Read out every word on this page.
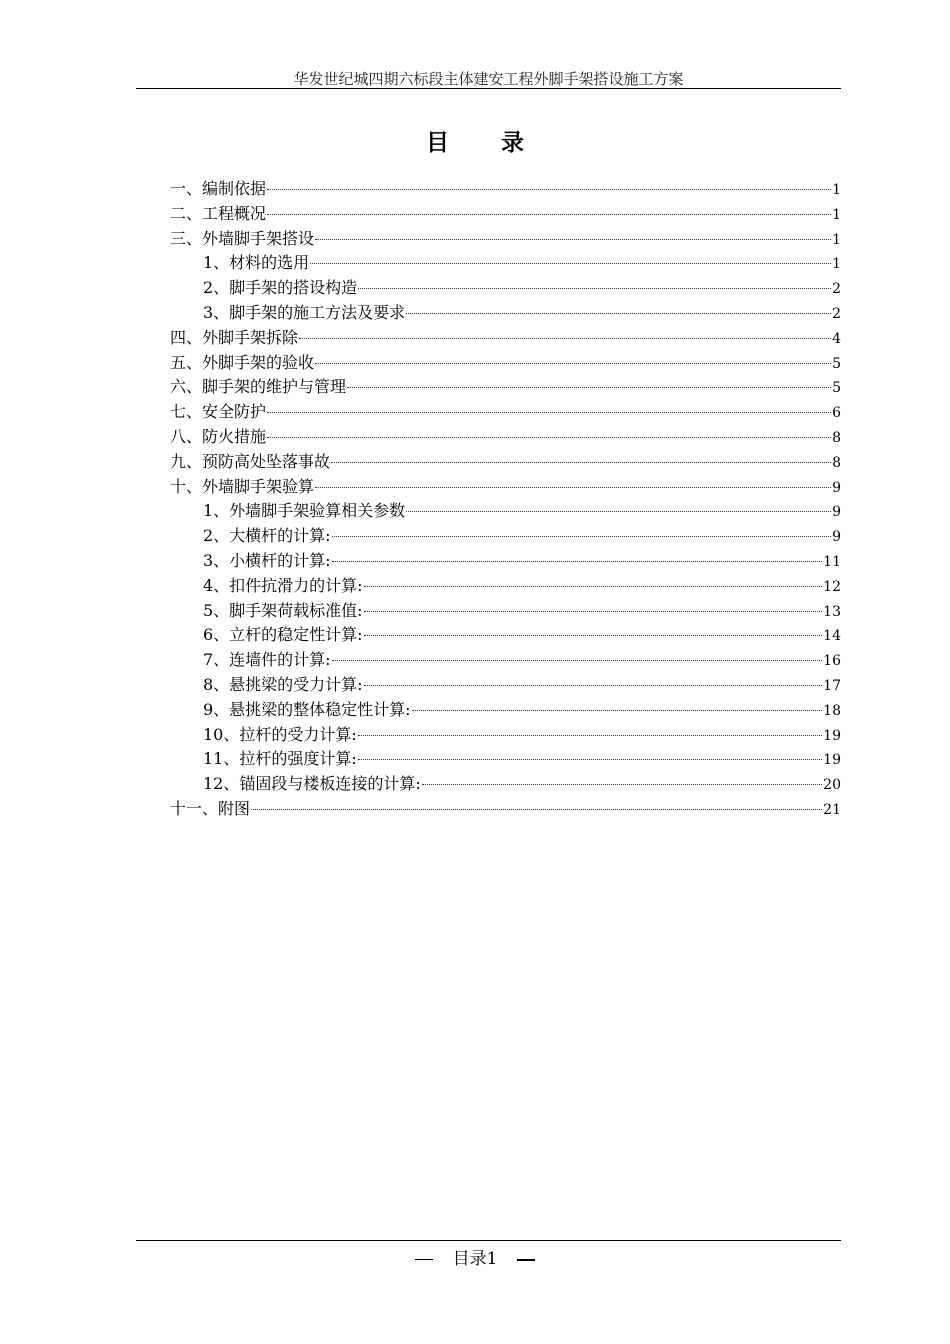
华发世纪城四期六标段主体建安工程外脚手架搭设施工方案
目 录
一、编制依据	1
二、工程概况	1
三、外墙脚手架搭设	1
1、材料的选用	1
2、脚手架的搭设构造	2
3、脚手架的施工方法及要求	2
四、外脚手架拆除	4
五、外脚手架的验收	5
六、脚手架的维护与管理	5
七、安全防护	6
八、防火措施	8
九、预防高处坠落事故	8
十、外墙脚手架验算	9
1、外墙脚手架验算相关参数	9
2、大横杆的计算:	9
3、小横杆的计算:	11
4、扣件抗滑力的计算:	12
5、脚手架荷载标准值:	13
6、立杆的稳定性计算:	14
7、连墙件的计算:	16
8、悬挑梁的受力计算:	17
9、悬挑梁的整体稳定性计算:	18
10、拉杆的受力计算:	19
11、拉杆的强度计算:	19
12、锚固段与楼板连接的计算:	20
十一、附图	21
目录1
